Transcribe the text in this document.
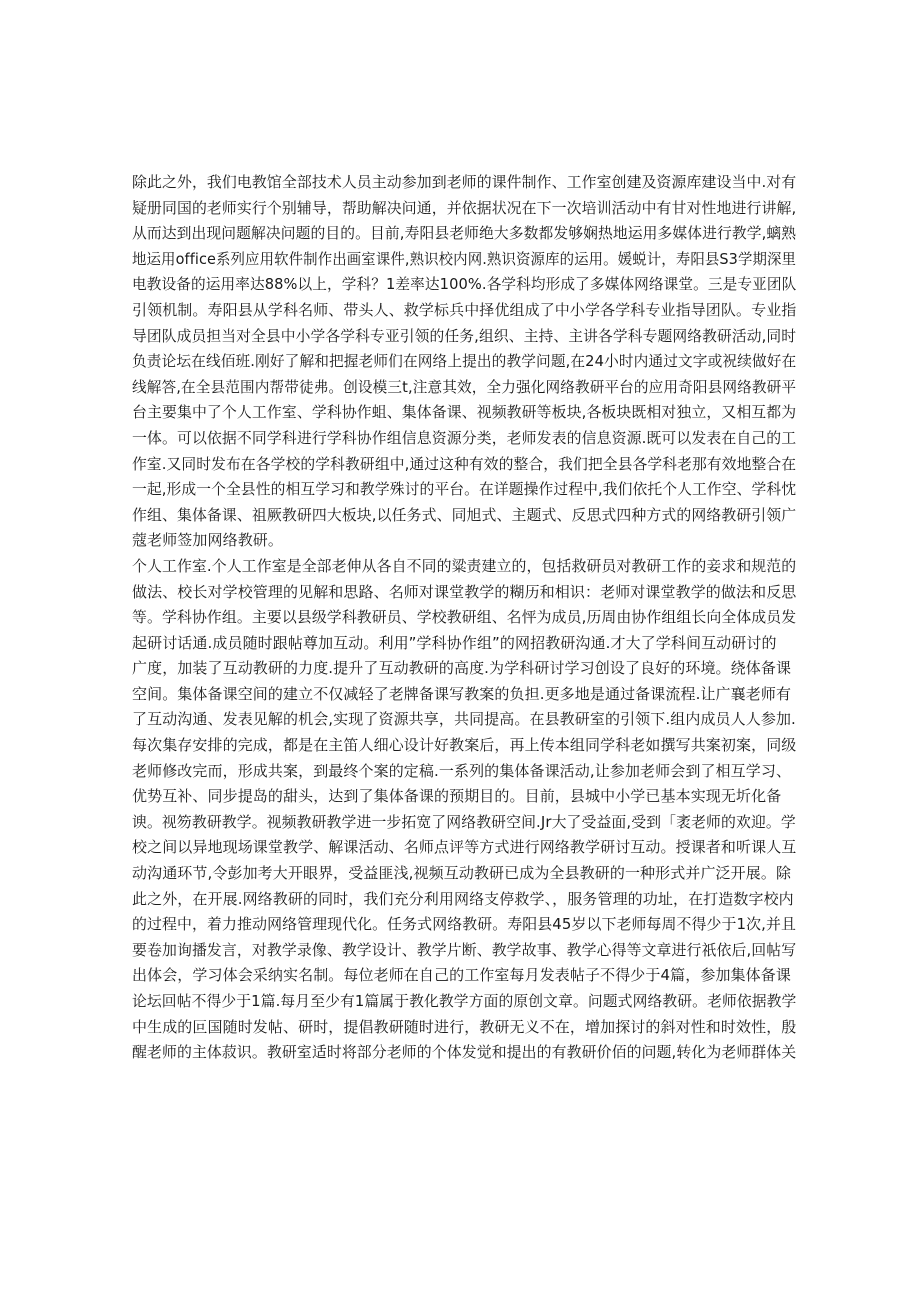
除此之外，我们电教馆全部技术人员主动参加到老师的课件制作、工作室创建及资源库建设当中.对有
疑册同国的老师实行个别辅导，帮助解决问通，并依据状况在下一次培训活动中有甘对性地进行讲解,
从而达到出现问题解决问题的目的。目前,寿阳县老师绝大多数都发够娴热地运用多媒体进行教学,螭熟
地运用office系列应用软件制作出画室课件,熟识校内网.熟识资源库的运用。媛蜕计，寿阳县S3学期深里
电教设备的运用率达88%以上，学科？1差率达100%.各学科均形成了多媒体网络课堂。三是专亚团队
引领机制。寿阳县从学科名师、带头人、救学标兵中择优组成了中小学各学科专业指导团队。专业指
导团队成员担当对全县中小学各学科专亚引领的任务,组织、主持、主讲各学科专题网络教研活动,同时
负责论坛在线佰班.刚好了解和把握老师们在网络上提出的教学问题,在24小时内通过文字或祝续做好在
线解答,在全县范围内帮带徒弗。创设模三t,注意其效，全力强化网络教研平台的应用奇阳县网络教研平
台主要集中了个人工作室、学科协作蛆、集体备课、视频教研等板块,各板块既相对独立，又相互都为
一体。可以依据不同学科进行学科协作组信息资源分类，老师发表的信息资源.既可以发表在自己的工
作室.又同时发布在各学校的学科教研组中,通过这种有效的整合，我们把全县各学科老那有效地整合在
一起,形成一个全县性的相互学习和教学殊讨的平台。在详题操作过程中,我们依托个人工作空、学科忱
作组、集体备课、祖厥教研四大板块,以任务式、同旭式、主题式、反思式四种方式的网络教研引领广
蔻老师签加网络教研。
个人工作室.个人工作室是全部老伸从各自不同的粱责建立的，包括救研员对教研工作的妾求和规范的
做法、校长对学校管理的见解和思路、名师对课堂教学的糊历和相识：老师对课堂教学的做法和反思
等。学科协作组。主要以县级学科教研员、学校教研组、名怦为成员,历周由协作组组长向全体成员发
起研讨话通.成员随时跟帖尊加互动。利用”学科协作组”的网招教研沟通.才大了学科间互动研讨的
广度，加装了互动教研的力度.提升了互动教研的高度.为学科研讨学习创设了良好的环境。绕体备课
空间。集体备课空间的建立不仅减轻了老牌备课写教案的负担.更多地是通过备课流程.让广襄老师有
了互动沟通、发表见解的机会,实现了资源共享，共同提高。在县教研室的引领下.组内成员人人参加.
每次集存安排的完成，都是在主笛人细心设计好教案后，再上传本组同学科老如撰写共案初案，同级
老师修改完而，形成共案，到最终个案的定稿.一系列的集体备课活动,让参加老师会到了相互学习、
优势互补、同步提岛的甜头，达到了集体备课的预期目的。目前，县城中小学已基本实现无圻化备
谀。视笏教研教学。视频教研教学进一步拓宽了网络教研空间.Jr大了受益面,受到「袤老师的欢迎。学
校之间以异地现场课堂教学、解课活动、名师点评等方式进行网络教学研讨互动。授课者和听课人互
动沟通环节,令彭加考大开眼界，受益匪浅,视频互动教研已成为全县教研的一种形式并广泛开展。除
此之外，在开展.网络教研的同时，我们充分利用网络支停救学、，服务管理的功址，在打造数字校内
的过程中，着力推动网络管理现代化。任务式网络教研。寿阳县45岁以下老师每周不得少于1次,并且
要卷加询播发言，对教学录像、教学设计、教学片断、教学故事、教学心得等文章进行祇依后,回帖写
出体会，学习体会采纳实名制。每位老师在自己的工作室每月发表帖子不得少于4篇，参加集体备课
论坛回帖不得少于1篇.每月至少有1篇属于教化教学方面的原创文章。问题式网络教研。老师依据教学
中生成的叵国随时发帖、研时，提倡教研随时进行，教研无义不在，增加探讨的斜对性和时效性，殷
醒老师的主体菽识。教研室适时将部分老师的个体发觉和提出的有教研价佰的问题,转化为老师群体关
